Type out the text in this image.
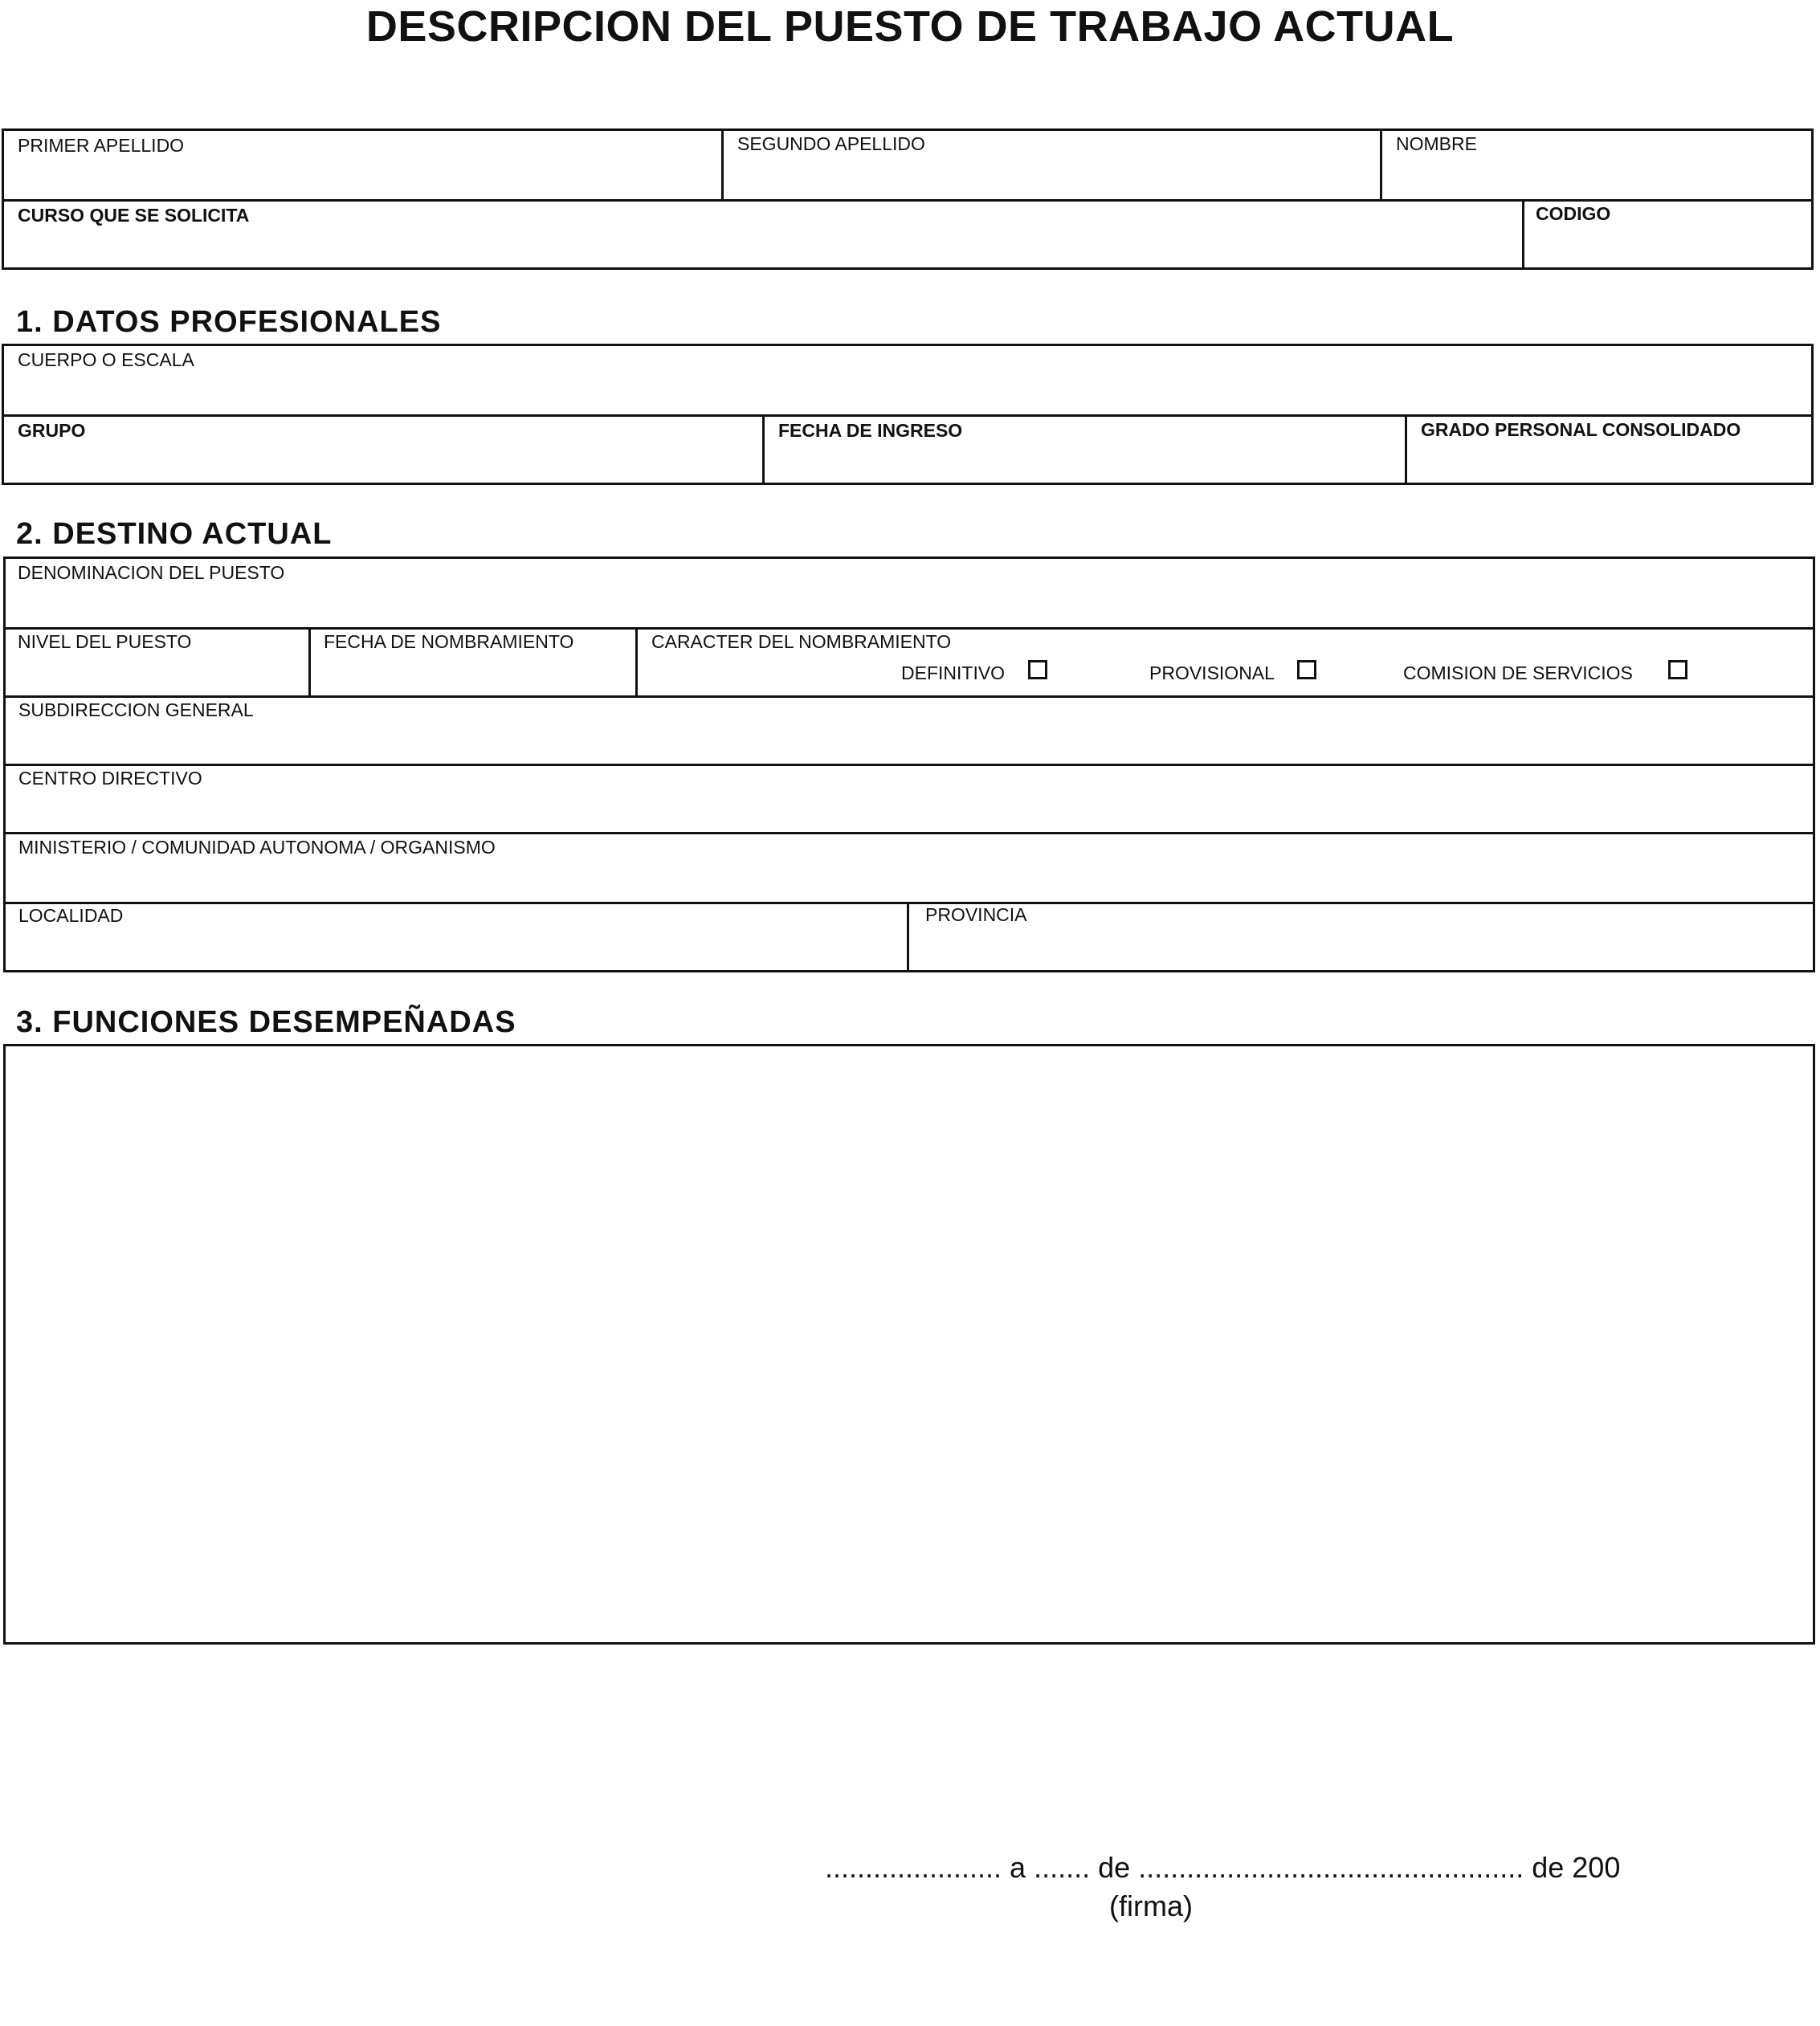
DESCRIPCION DEL PUESTO DE TRABAJO ACTUAL
PRIMER APELLIDO	SEGUNDO APELLIDO	NOMBRE
CURSO QUE SE SOLICITA	CODIGO
1. DATOS PROFESIONALES
CUERPO O ESCALA
GRUPO	FECHA DE INGRESO	GRADO PERSONAL CONSOLIDADO
2. DESTINO ACTUAL
DENOMINACION DEL PUESTO
NIVEL DEL PUESTO	FECHA DE NOMBRAMIENTO	CARACTER DEL NOMBRAMIENTO
DEFINITIVO	PROVISIONAL	COMISION DE SERVICIOS
SUBDIRECCION GENERAL
CENTRO DIRECTIVO
MINISTERIO / COMUNIDAD AUTONOMA / ORGANISMO
LOCALIDAD	PROVINCIA
3. FUNCIONES DESEMPEÑADAS
...................... a ....... de ................................................ de 200
(firma)
